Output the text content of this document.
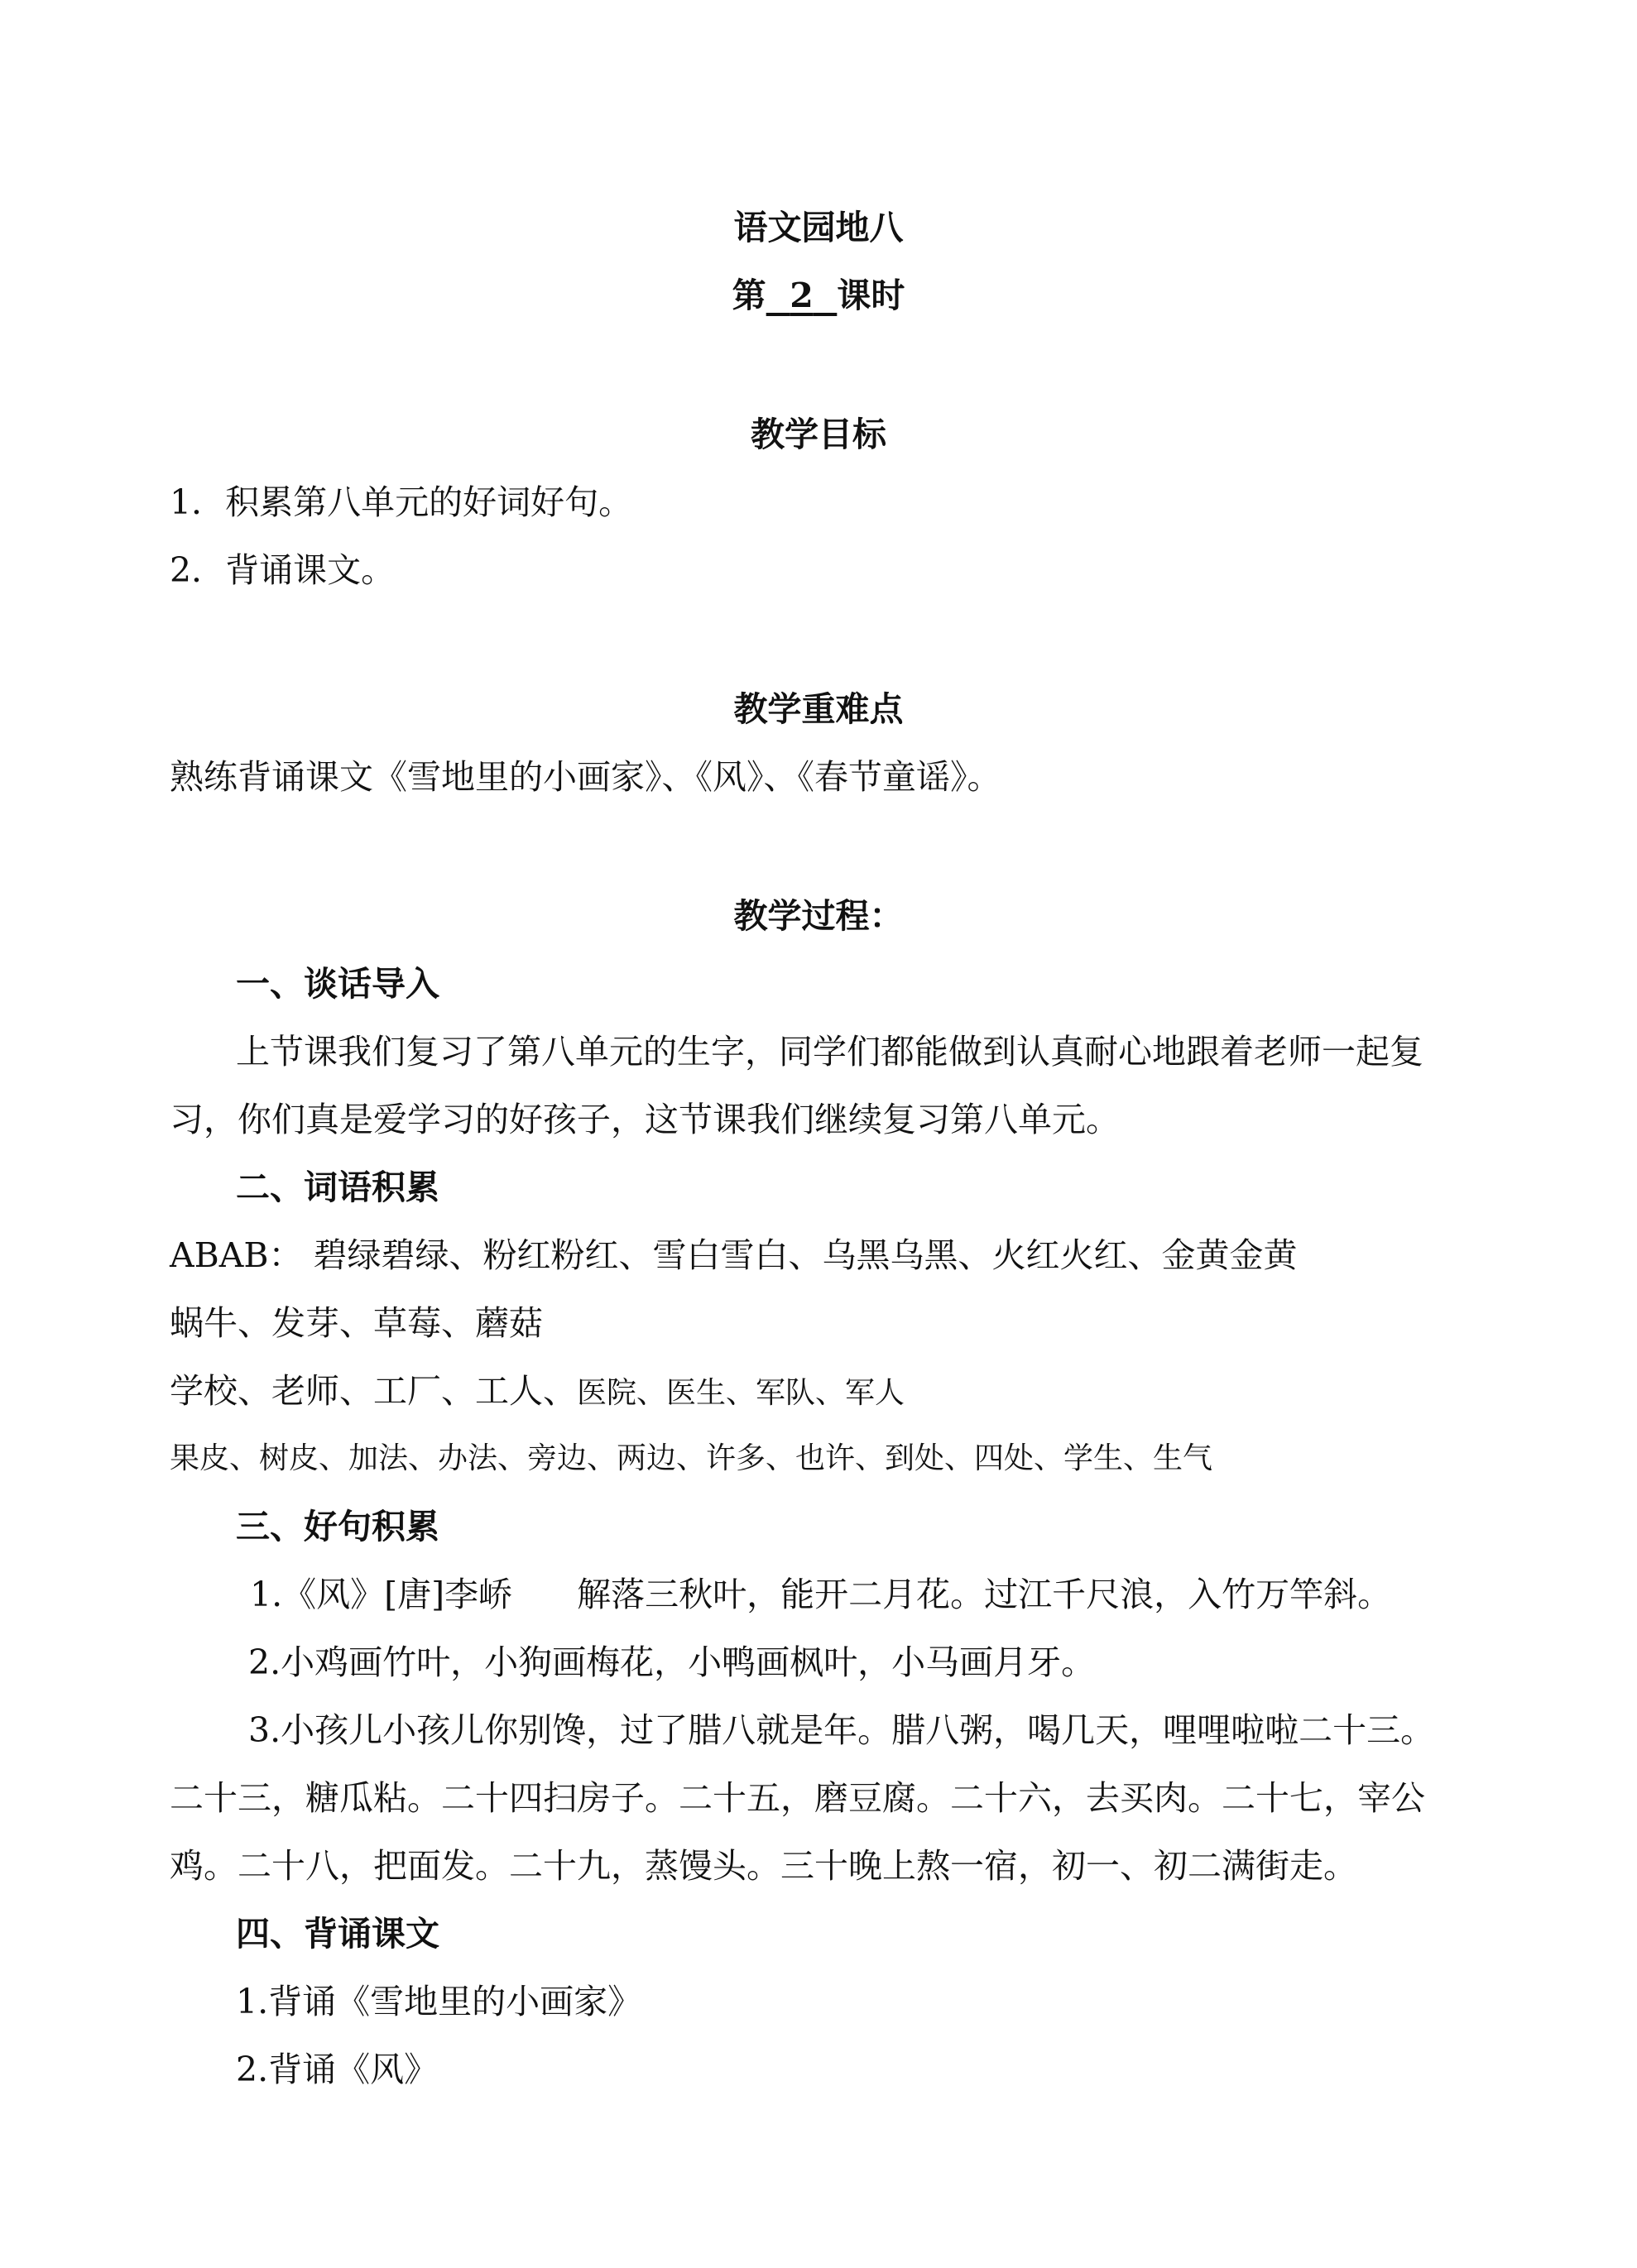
语文园地八
第 2 课时
教学目标
1．积累第八单元的好词好句。
2．背诵课文。
教学重难点
熟练背诵课文《雪地里的小画家》、《风》、《春节童谣》。
教学过程：
一、谈话导入
上节课我们复习了第八单元的生字，同学们都能做到认真耐心地跟着老师一起复
习，你们真是爱学习的好孩子，这节课我们继续复习第八单元。
二、词语积累
ABAB： 碧绿碧绿、粉红粉红、雪白雪白、乌黑乌黑、火红火红、金黄金黄
蜗牛、发芽、草莓、蘑菇
学校、老师、工厂、工人、医院、医生、军队、军人
果皮、树皮、加法、办法、旁边、两边、许多、也许、到处、四处、学生、生气
三、好句积累
1.《风》[唐]李峤 解落三秋叶，能开二月花。过江千尺浪，入竹万竿斜。
2.小鸡画竹叶，小狗画梅花，小鸭画枫叶，小马画月牙。
3.小孩儿小孩儿你别馋，过了腊八就是年。腊八粥，喝几天，哩哩啦啦二十三。
二十三，糖瓜粘。二十四扫房子。二十五，磨豆腐。二十六，去买肉。二十七，宰公
鸡。二十八，把面发。二十九，蒸馒头。三十晚上熬一宿，初一、初二满街走。
四、背诵课文
1.背诵《雪地里的小画家》
2.背诵《风》
